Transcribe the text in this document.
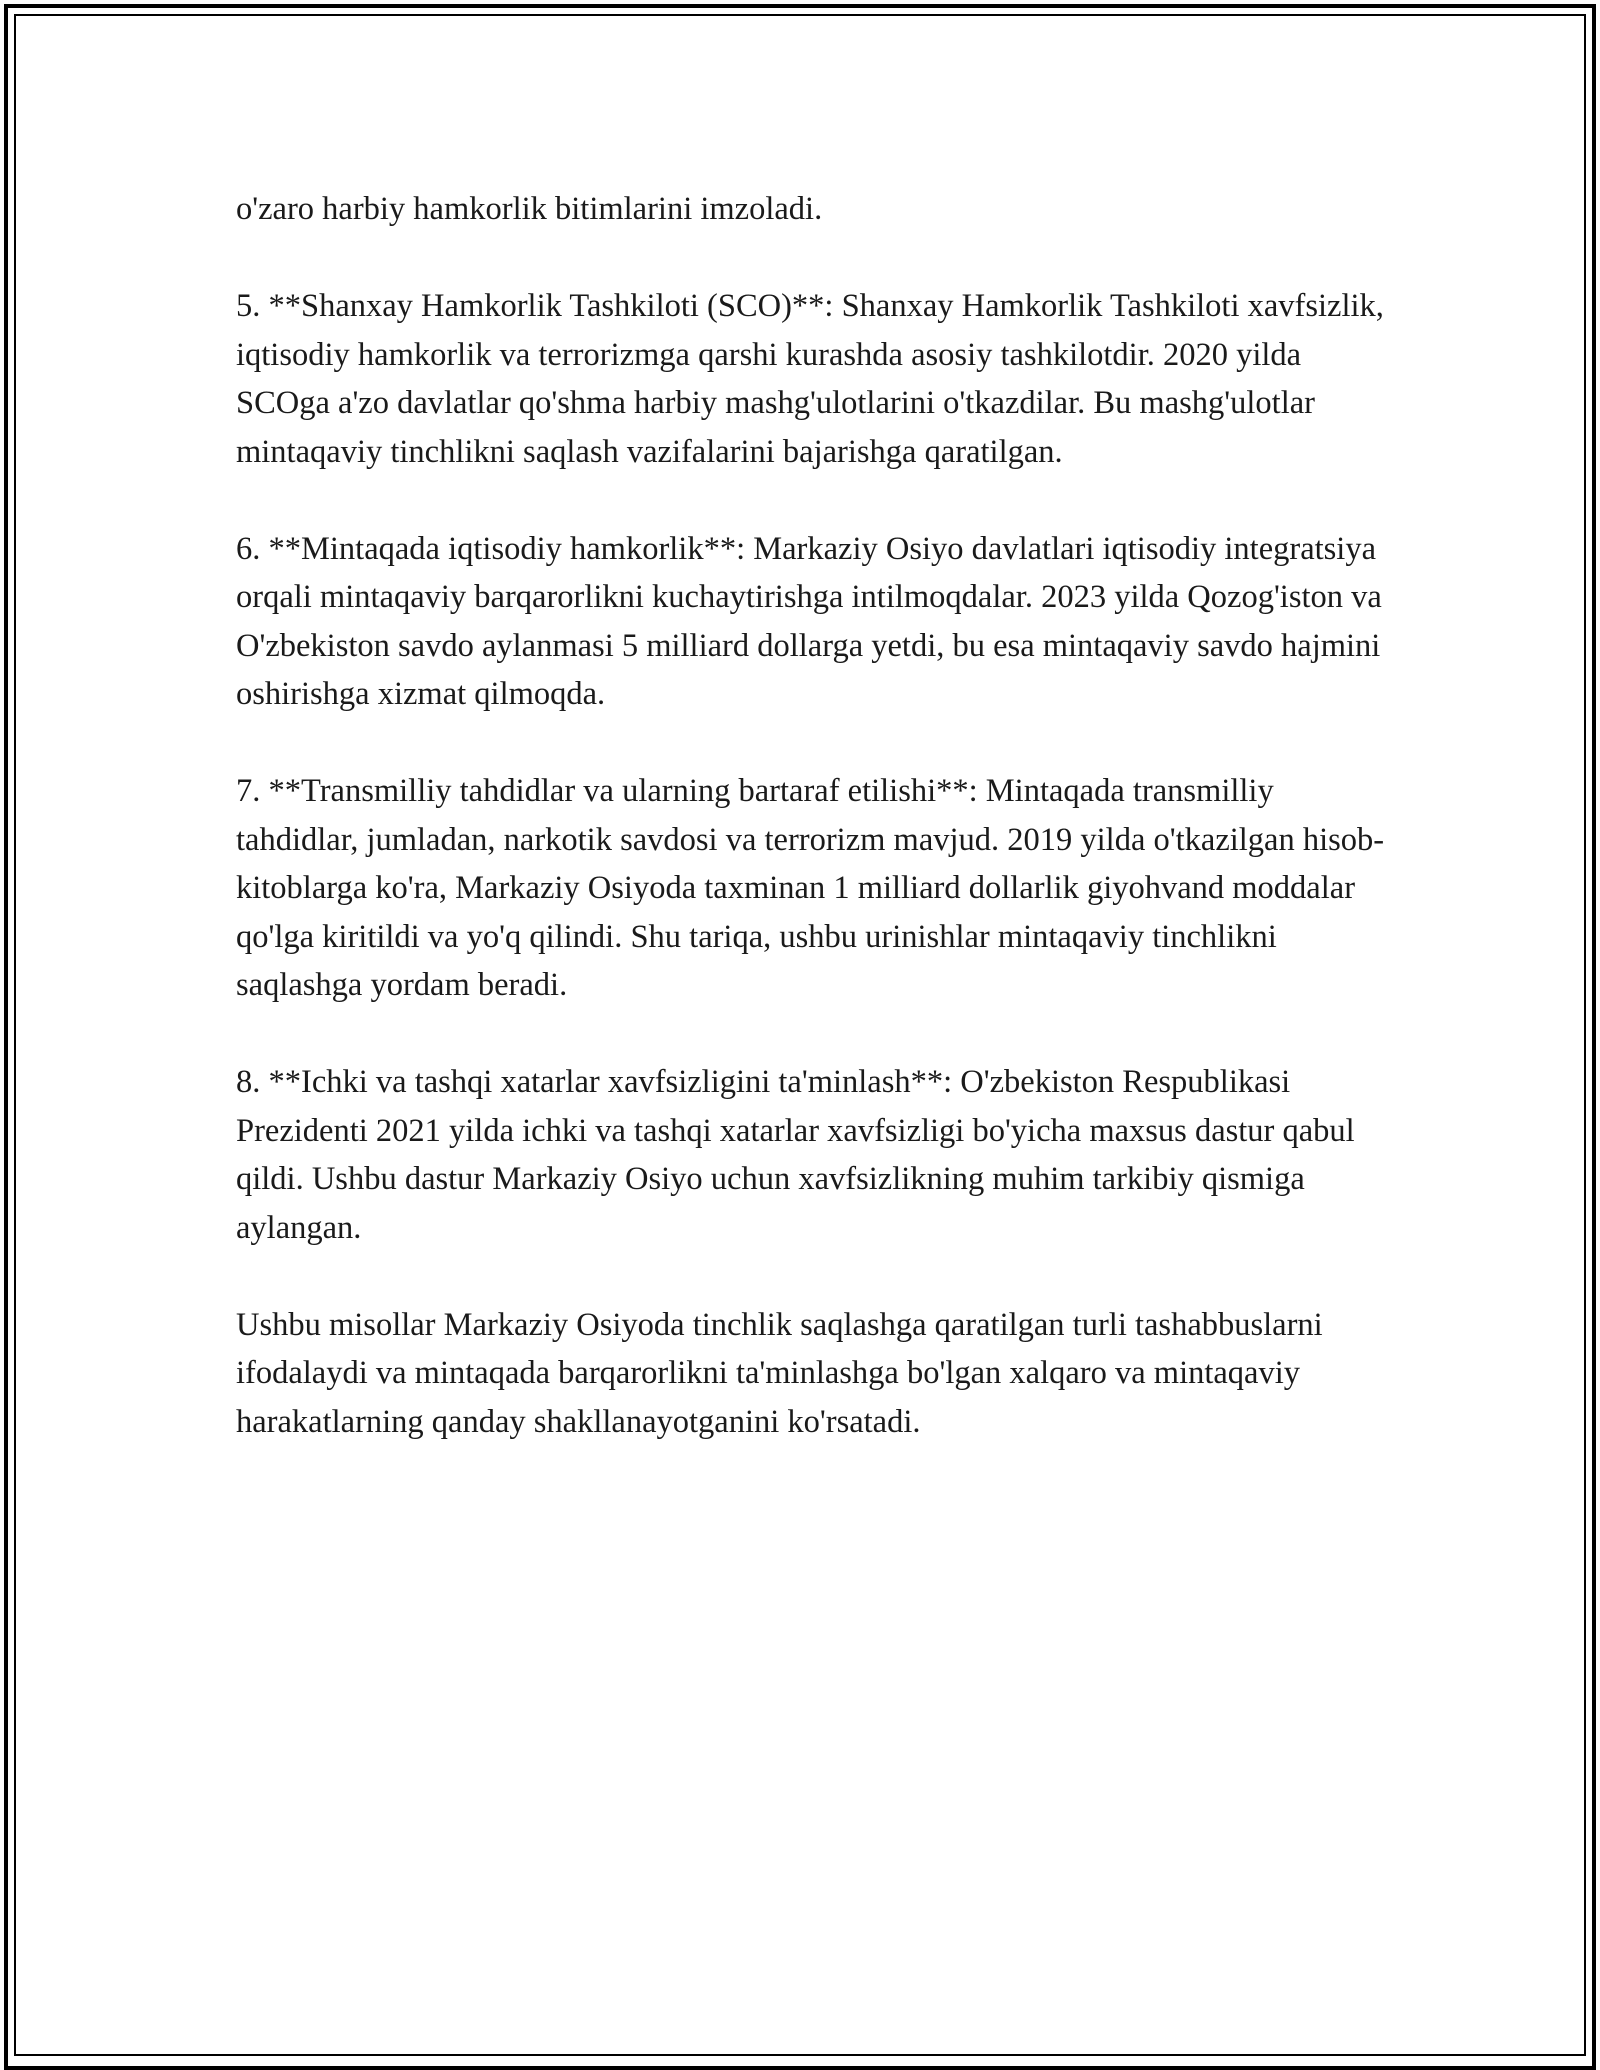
o'zaro harbiy hamkorlik bitimlarini imzoladi.

5. **Shanxay Hamkorlik Tashkiloti (SCO)**: Shanxay Hamkorlik Tashkiloti xavfsizlik, iqtisodiy hamkorlik va terrorizmga qarshi kurashda asosiy tashkilotdir. 2020 yilda SCOga a'zo davlatlar qo'shma harbiy mashg'ulotlarini o'tkazdilar. Bu mashg'ulotlar mintaqaviy tinchlikni saqlash vazifalarini bajarishga qaratilgan.

6. **Mintaqada iqtisodiy hamkorlik**: Markaziy Osiyo davlatlari iqtisodiy integratsiya orqali mintaqaviy barqarorlikni kuchaytirishga intilmoqdalar. 2023 yilda Qozog'iston va O'zbekiston savdo aylanmasi 5 milliard dollarga yetdi, bu esa mintaqaviy savdo hajmini oshirishga xizmat qilmoqda.

7. **Transmilliy tahdidlar va ularning bartaraf etilishi**: Mintaqada transmilliy tahdidlar, jumladan, narkotik savdosi va terrorizm mavjud. 2019 yilda o'tkazilgan hisob-kitoblarga ko'ra, Markaziy Osiyoda taxminan 1 milliard dollarlik giyohvand moddalar qo'lga kiritildi va yo'q qilindi. Shu tariqa, ushbu urinishlar mintaqaviy tinchlikni saqlashga yordam beradi.

8. **Ichki va tashqi xatarlar xavfsizligini ta'minlash**: O'zbekiston Respublikasi Prezidenti 2021 yilda ichki va tashqi xatarlar xavfsizligi bo'yicha maxsus dastur qabul qildi. Ushbu dastur Markaziy Osiyo uchun xavfsizlikning muhim tarkibiy qismiga aylangan.

Ushbu misollar Markaziy Osiyoda tinchlik saqlashga qaratilgan turli tashabbuslarni ifodalaydi va mintaqada barqarorlikni ta'minlashga bo'lgan xalqaro va mintaqaviy harakatlarning qanday shakllanayotganini ko'rsatadi.
